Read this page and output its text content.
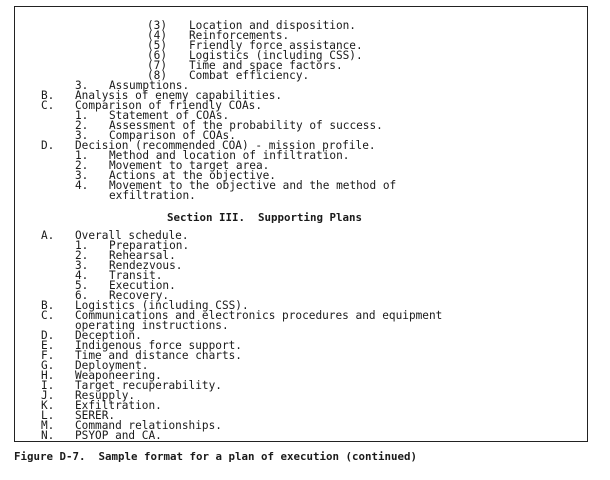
(3)

Location and disposition.

(4)

Reinforcements.

(5)

Friendly force assistance.

(6)

Logistics (including CSS).

(7)

Time and space factors.

(8)

Combat efficiency.

3.

Assumptions.

B.

Analysis of enemy capabilities.

C.

Comparison of friendly COAs.

1.

Statement of COAs.

2.

Assessment of the probability of success.

3.

Comparison of COAs.

D.

Decision (recommended COA) - mission profile.

1.

Method and location of infiltration.

2.

Movement to target area.

3.

Actions at the objective.

4.

Movement to the objective and the method of

exfiltration.

Section III.  Supporting Plans

A.

Overall schedule.

1.

Preparation.

2.

Rehearsal.

3.

Rendezvous.

4.

Transit.

5.

Execution.

6.

Recovery.

B.

Logistics (including CSS).

C.

Communications and electronics procedures and equipment

operating instructions.

D.

Deception.

E.

Indigenous force support.

F.

Time and distance charts.

G.

Deployment.

H.

Weaponeering.

I.

Target recuperability.

J.

Resupply.

K.

Exfiltration.

L.

SERER.

M.

Command relationships.

N.

PSYOP and CA.

Figure D-7.  Sample format for a plan of execution (continued)
